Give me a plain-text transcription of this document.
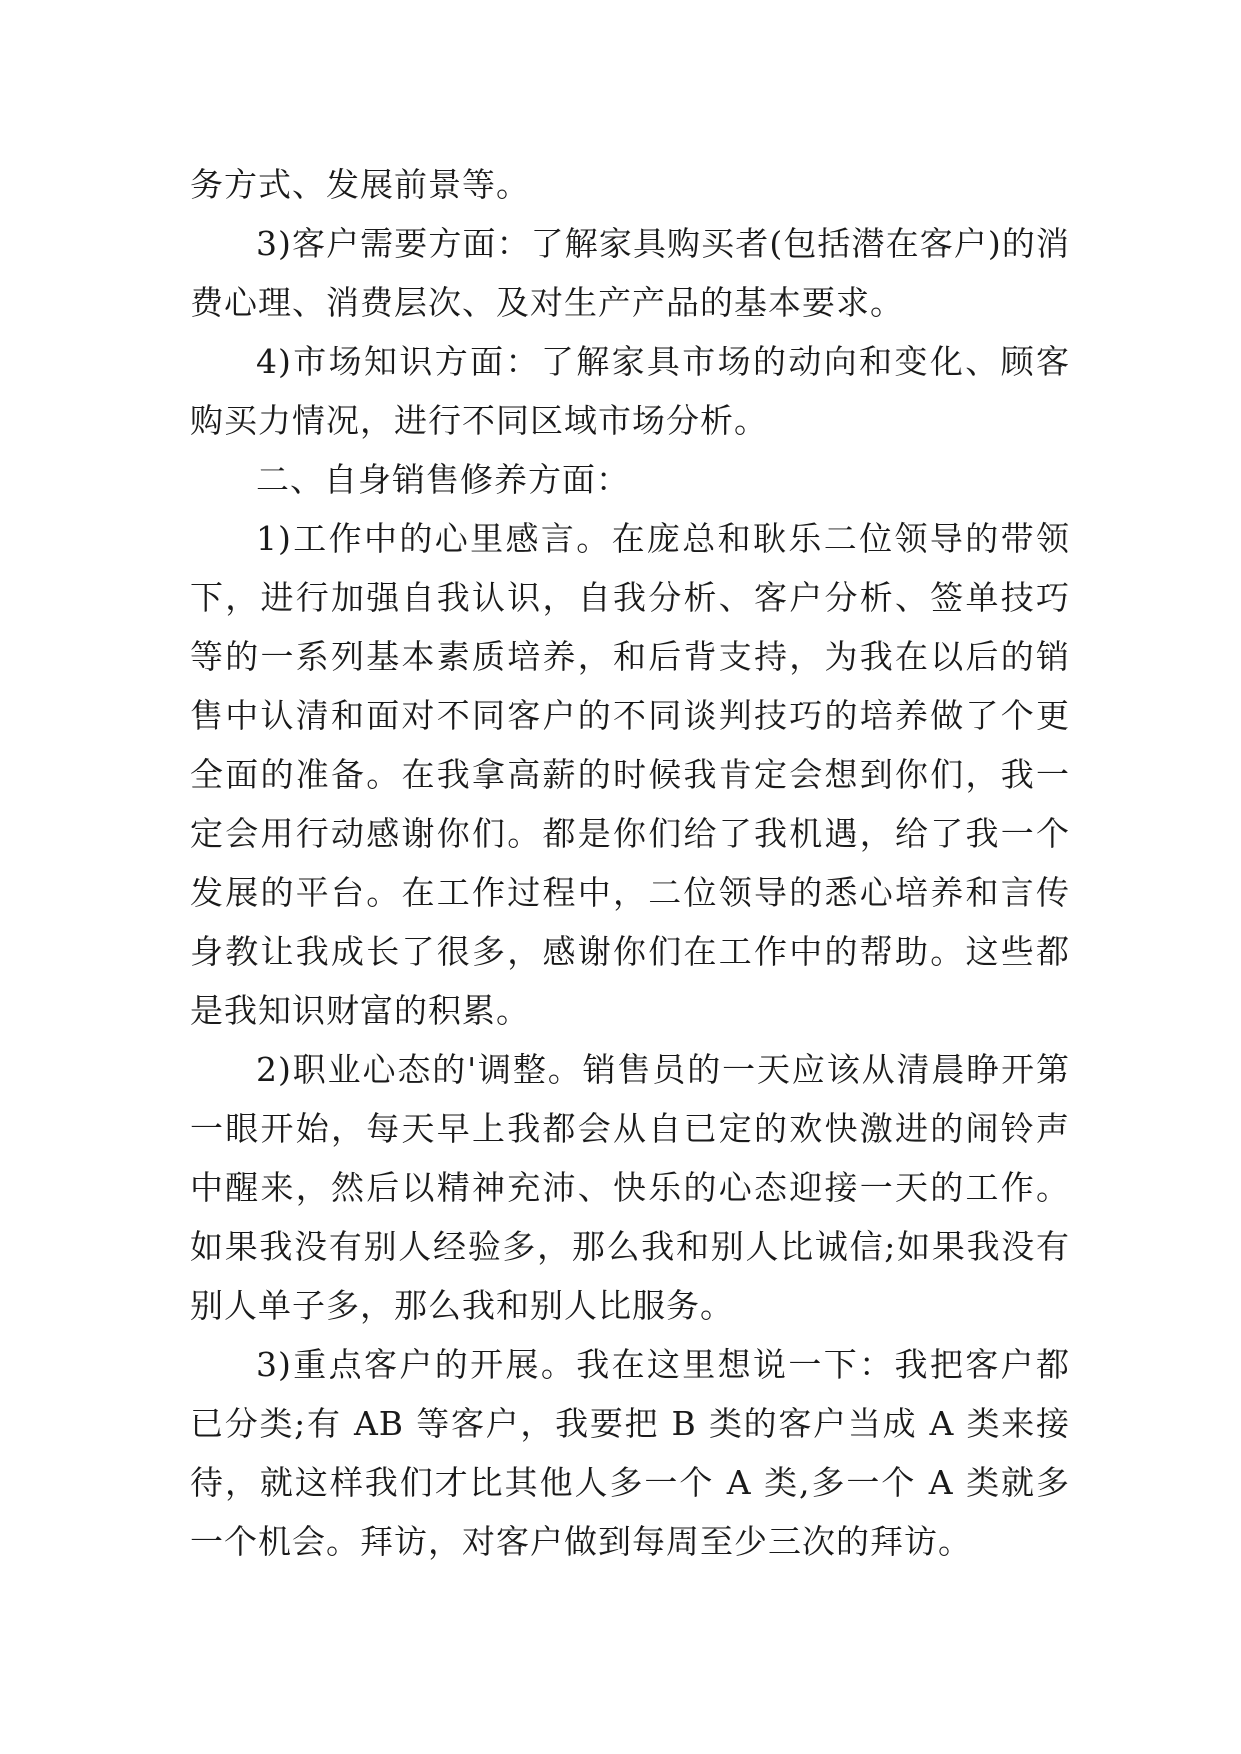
务方式、发展前景等。

3)客户需要方面：了解家具购买者(包括潜在客户)的消费心理、消费层次、及对生产产品的基本要求。

4)市场知识方面：了解家具市场的动向和变化、顾客购买力情况，进行不同区域市场分析。

二、自身销售修养方面：

1)工作中的心里感言。在庞总和耿乐二位领导的带领下，进行加强自我认识，自我分析、客户分析、签单技巧等的一系列基本素质培养，和后背支持，为我在以后的销售中认清和面对不同客户的不同谈判技巧的培养做了个更全面的准备。在我拿高薪的时候我肯定会想到你们，我一定会用行动感谢你们。都是你们给了我机遇，给了我一个发展的平台。在工作过程中，二位领导的悉心培养和言传身教让我成长了很多，感谢你们在工作中的帮助。这些都是我知识财富的积累。

2)职业心态的'调整。销售员的一天应该从清晨睁开第一眼开始，每天早上我都会从自已定的欢快激进的闹铃声中醒来，然后以精神充沛、快乐的心态迎接一天的工作。如果我没有别人经验多，那么我和别人比诚信;如果我没有别人单子多，那么我和别人比服务。

3)重点客户的开展。我在这里想说一下：我把客户都已分类;有 AB 等客户，我要把 B 类的客户当成 A 类来接待，就这样我们才比其他人多一个 A 类,多一个 A 类就多一个机会。拜访，对客户做到每周至少三次的拜访。
